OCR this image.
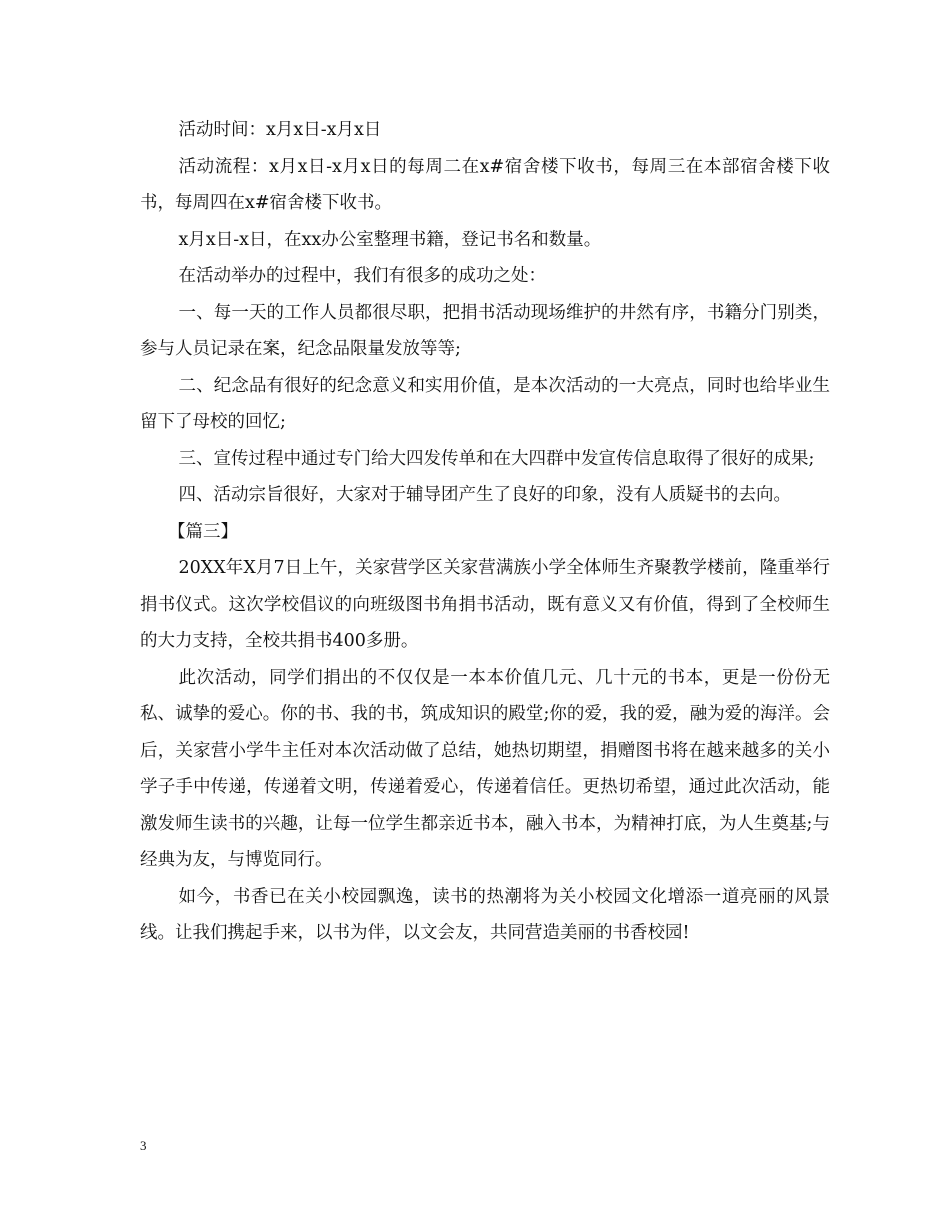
活动时间：x月x日-x月x日

活动流程：x月x日-x月x日的每周二在x#宿舍楼下收书，每周三在本部宿舍楼下收书，每周四在x#宿舍楼下收书。

x月x日-x日，在xx办公室整理书籍，登记书名和数量。

在活动举办的过程中，我们有很多的成功之处：

一、每一天的工作人员都很尽职，把捐书活动现场维护的井然有序，书籍分门别类，参与人员记录在案，纪念品限量发放等等;

二、纪念品有很好的纪念意义和实用价值，是本次活动的一大亮点，同时也给毕业生留下了母校的回忆;

三、宣传过程中通过专门给大四发传单和在大四群中发宣传信息取得了很好的成果;

四、活动宗旨很好，大家对于辅导团产生了良好的印象，没有人质疑书的去向。

【篇三】

20XX年X月7日上午，关家营学区关家营满族小学全体师生齐聚教学楼前，隆重举行捐书仪式。这次学校倡议的向班级图书角捐书活动，既有意义又有价值，得到了全校师生的大力支持，全校共捐书400多册。

此次活动，同学们捐出的不仅仅是一本本价值几元、几十元的书本，更是一份份无私、诚挚的爱心。你的书、我的书，筑成知识的殿堂;你的爱，我的爱，融为爱的海洋。会后，关家营小学牛主任对本次活动做了总结，她热切期望，捐赠图书将在越来越多的关小学子手中传递，传递着文明，传递着爱心，传递着信任。更热切希望，通过此次活动，能激发师生读书的兴趣，让每一位学生都亲近书本，融入书本，为精神打底，为人生奠基;与经典为友，与博览同行。

如今，书香已在关小校园飘逸，读书的热潮将为关小校园文化增添一道亮丽的风景线。让我们携起手来，以书为伴，以文会友，共同营造美丽的书香校园!

3
